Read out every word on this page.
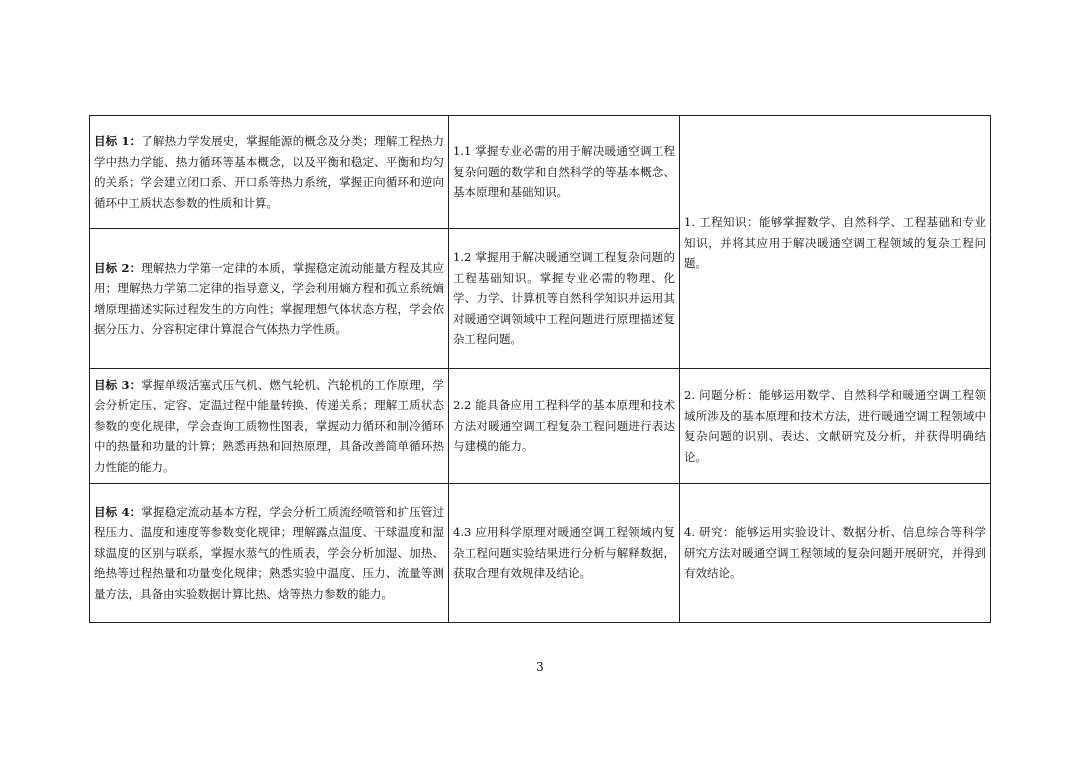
目标 1：了解热力学发展史，掌握能源的概念及分类；理解工程热力学中热力学能、热力循环等基本概念，以及平衡和稳定、平衡和均匀的关系；学会建立闭口系、开口系等热力系统，掌握正向循环和逆向循环中工质状态参数的性质和计算。	1.1 掌握专业必需的用于解决暖通空调工程复杂问题的数学和自然科学的等基本概念、基本原理和基础知识。	1. 工程知识：能够掌握数学、自然科学、工程基础和专业知识，并将其应用于解决暖通空调工程领域的复杂工程问题。
目标 2：理解热力学第一定律的本质，掌握稳定流动能量方程及其应用；理解热力学第二定律的指导意义，学会利用熵方程和孤立系统熵增原理描述实际过程发生的方向性；掌握理想气体状态方程，学会依据分压力、分容积定律计算混合气体热力学性质。	1.2 掌握用于解决暖通空调工程复杂问题的工程基础知识。掌握专业必需的物理、化学、力学、计算机等自然科学知识并运用其对暖通空调领域中工程问题进行原理描述复杂工程问题。	
目标 3：掌握单级活塞式压气机、燃气轮机、汽轮机的工作原理，学会分析定压、定容、定温过程中能量转换、传递关系；理解工质状态参数的变化规律，学会查询工质物性图表，掌握动力循环和制冷循环中的热量和功量的计算；熟悉再热和回热原理，具备改善简单循环热力性能的能力。	2.2 能具备应用工程科学的基本原理和技术方法对暖通空调工程复杂工程问题进行表达与建模的能力。	2. 问题分析：能够运用数学、自然科学和暖通空调工程领域所涉及的基本原理和技术方法，进行暖通空调工程领域中复杂问题的识别、表达、文献研究及分析，并获得明确结论。
目标 4：掌握稳定流动基本方程，学会分析工质流经喷管和扩压管过程压力、温度和速度等参数变化规律；理解露点温度、干球温度和湿球温度的区别与联系，掌握水蒸气的性质表，学会分析加湿、加热、绝热等过程热量和功量变化规律；熟悉实验中温度、压力、流量等测量方法，具备由实验数据计算比热、焓等热力参数的能力。	4.3 应用科学原理对暖通空调工程领域内复杂工程问题实验结果进行分析与解释数据，获取合理有效规律及结论。	4. 研究：能够运用实验设计、数据分析、信息综合等科学研究方法对暖通空调工程领域的复杂问题开展研究，并得到有效结论。
3
